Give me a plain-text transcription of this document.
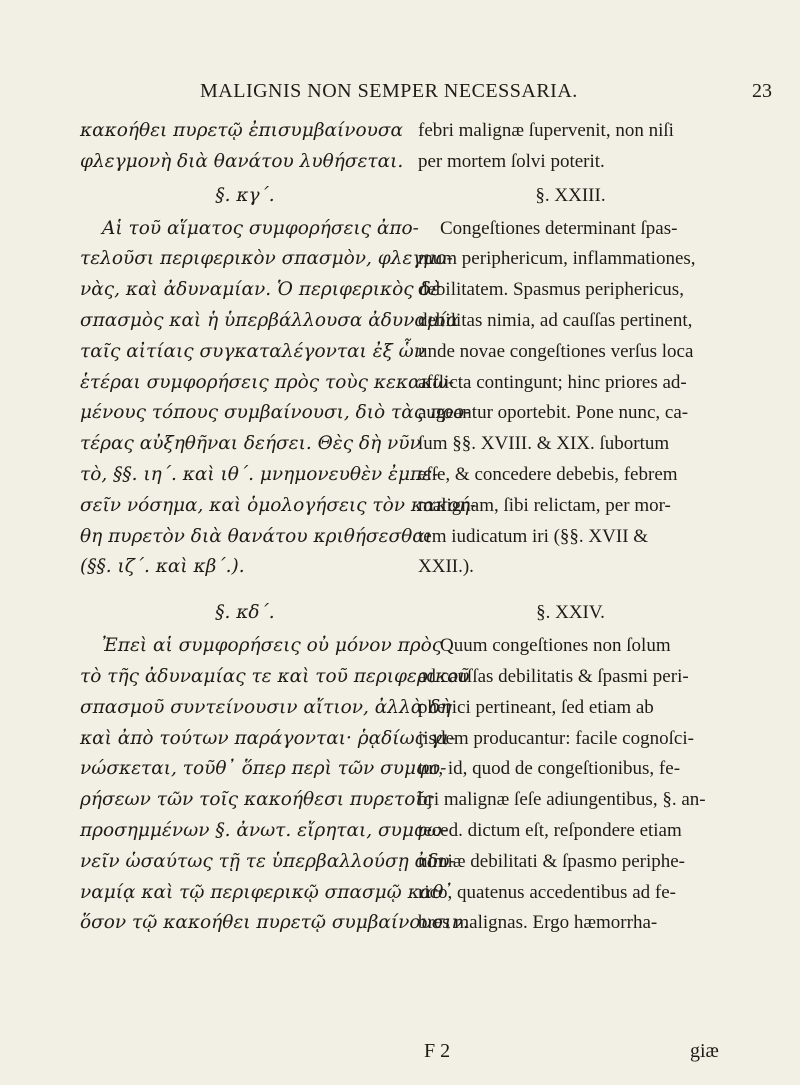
MALIGNIS NON SEMPER NECESSARIA.	23

κακοήθει πυρετῷ ἐπισυμβαίνουσα

φλεγμονὴ διὰ θανάτου λυθήσεται.

§. κγ΄.

Αἱ τοῦ αἵματος συμφορήσεις ἀπο-

τελοῦσι περιφερικὸν σπασμὸν, φλεγμο-

νὰς, καὶ ἀδυναμίαν. Ὁ περιφερικὸς δὲ

σπασμὸς καὶ ἡ ὑπερβάλλουσα ἀδυναμία

ταῖς αἰτίαις συγκαταλέγονται ἐξ ὧν

ἑτέραι συμφορήσεις πρὸς τοὺς κεκακω-

μένους τόπους συμβαίνουσι, διὸ τὰς προ-

τέρας αὐξηθῆναι δεήσει. Θὲς δὴ νῦν

τὸ, §§. ιη΄. καὶ ιθ΄. μνημονευθὲν ἐμπε-

σεῖν νόσημα, καὶ ὁμολογήσεις τὸν κακοή-

θη πυρετὸν διὰ θανάτου κριθήσεσθαι

(§§. ιζ΄. καὶ κβ΄.).

§. κδ΄.

Ἐπεὶ αἱ συμφορήσεις οὐ μόνον πρὸς

τὸ τῆς ἀδυναμίας τε καὶ τοῦ περιφερικοῦ

σπασμοῦ συντείνουσιν αἴτιον, ἀλλὰ δὴ

καὶ ἀπὸ τούτων παράγονται· ῥᾳδίως γι-

νώσκεται, τοῦθ᾽ ὅπερ περὶ τῶν συμφο-

ρήσεων τῶν τοῖς κακοήθεσι πυρετοῖς

προσημμένων §. ἀνωτ. εἴρηται, συμφω-

νεῖν ὡσαύτως τῇ τε ὑπερβαλλούσῃ ἀδυ-

ναμίᾳ καὶ τῷ περιφερικῷ σπασμῷ καθ᾽

ὅσον τῷ κακοήθει πυρετῷ συμβαίνουσιν.

febri malignæ ſupervenit, non niſi

per mortem ſolvi poterit.

§. XXIII.

Congeſtiones determinant ſpas-

mum periphericum, inflammationes,

debilitatem. Spasmus periphericus,

debilitas nimia, ad cauſſas pertinent,

unde novae congeſtiones verſus loca

afflicta contingunt; hinc priores ad-

augeantur oportebit. Pone nunc, ca-

ſum §§. XVIII. & XIX. ſubortum

eſſe, & concedere debebis, febrem

malignam, ſibi relictam, per mor-

tem iudicatum iri (§§. XVII &

XXII.).

§. XXIV.

Quum congeſtiones non ſolum

ad cauſſas debilitatis & ſpasmi peri-

pherici pertineant, ſed etiam ab

iisdem producantur: facile cognoſci-

tur, id, quod de congeſtionibus, fe-

bri malignæ ſeſe adiungentibus, §. an-

teced. dictum eſt, reſpondere etiam

nimiæ debilitati & ſpasmo periphe-

rico, quatenus accedentibus ad fe-

bres malignas. Ergo hæmorrha-

F 2	giæ
